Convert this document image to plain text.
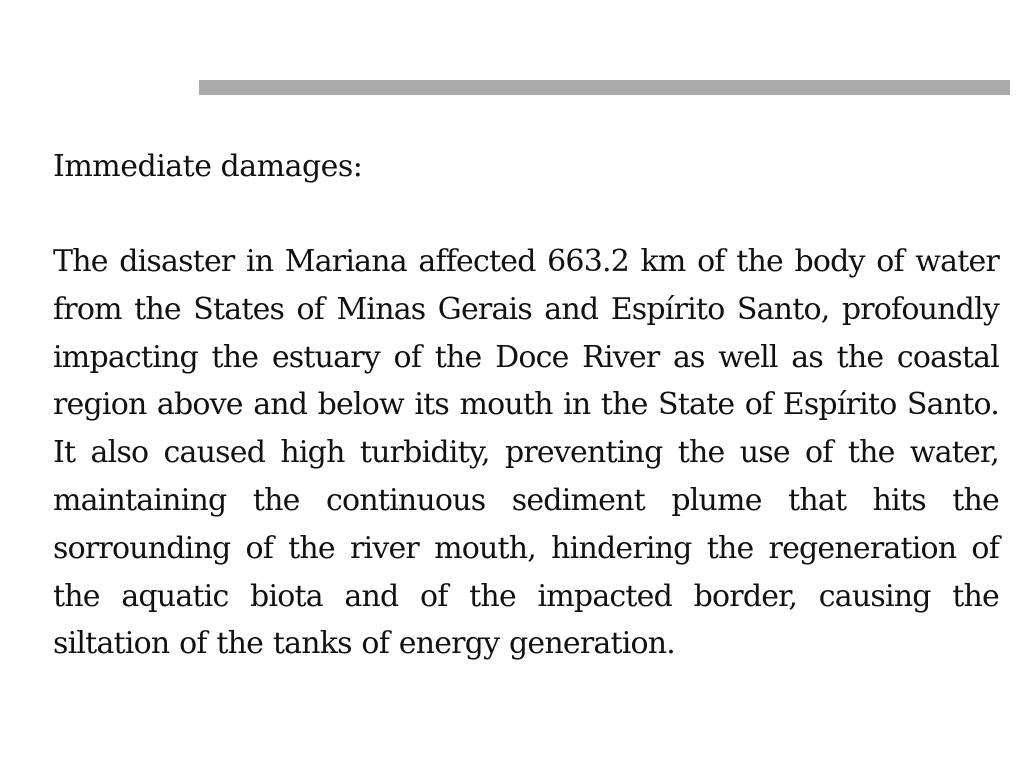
Immediate damages:

The disaster in Mariana affected 663.2 km of the body of water from the States of Minas Gerais and Espírito Santo, profoundly impacting the estuary of the Doce River as well as the coastal region above and below its mouth in the State of Espírito Santo. It also caused high turbidity, preventing the use of the water, maintaining the continuous sediment plume that hits the sorrounding of the river mouth, hindering the regeneration of the aquatic biota and of the impacted border, causing the siltation of the tanks of energy generation.
